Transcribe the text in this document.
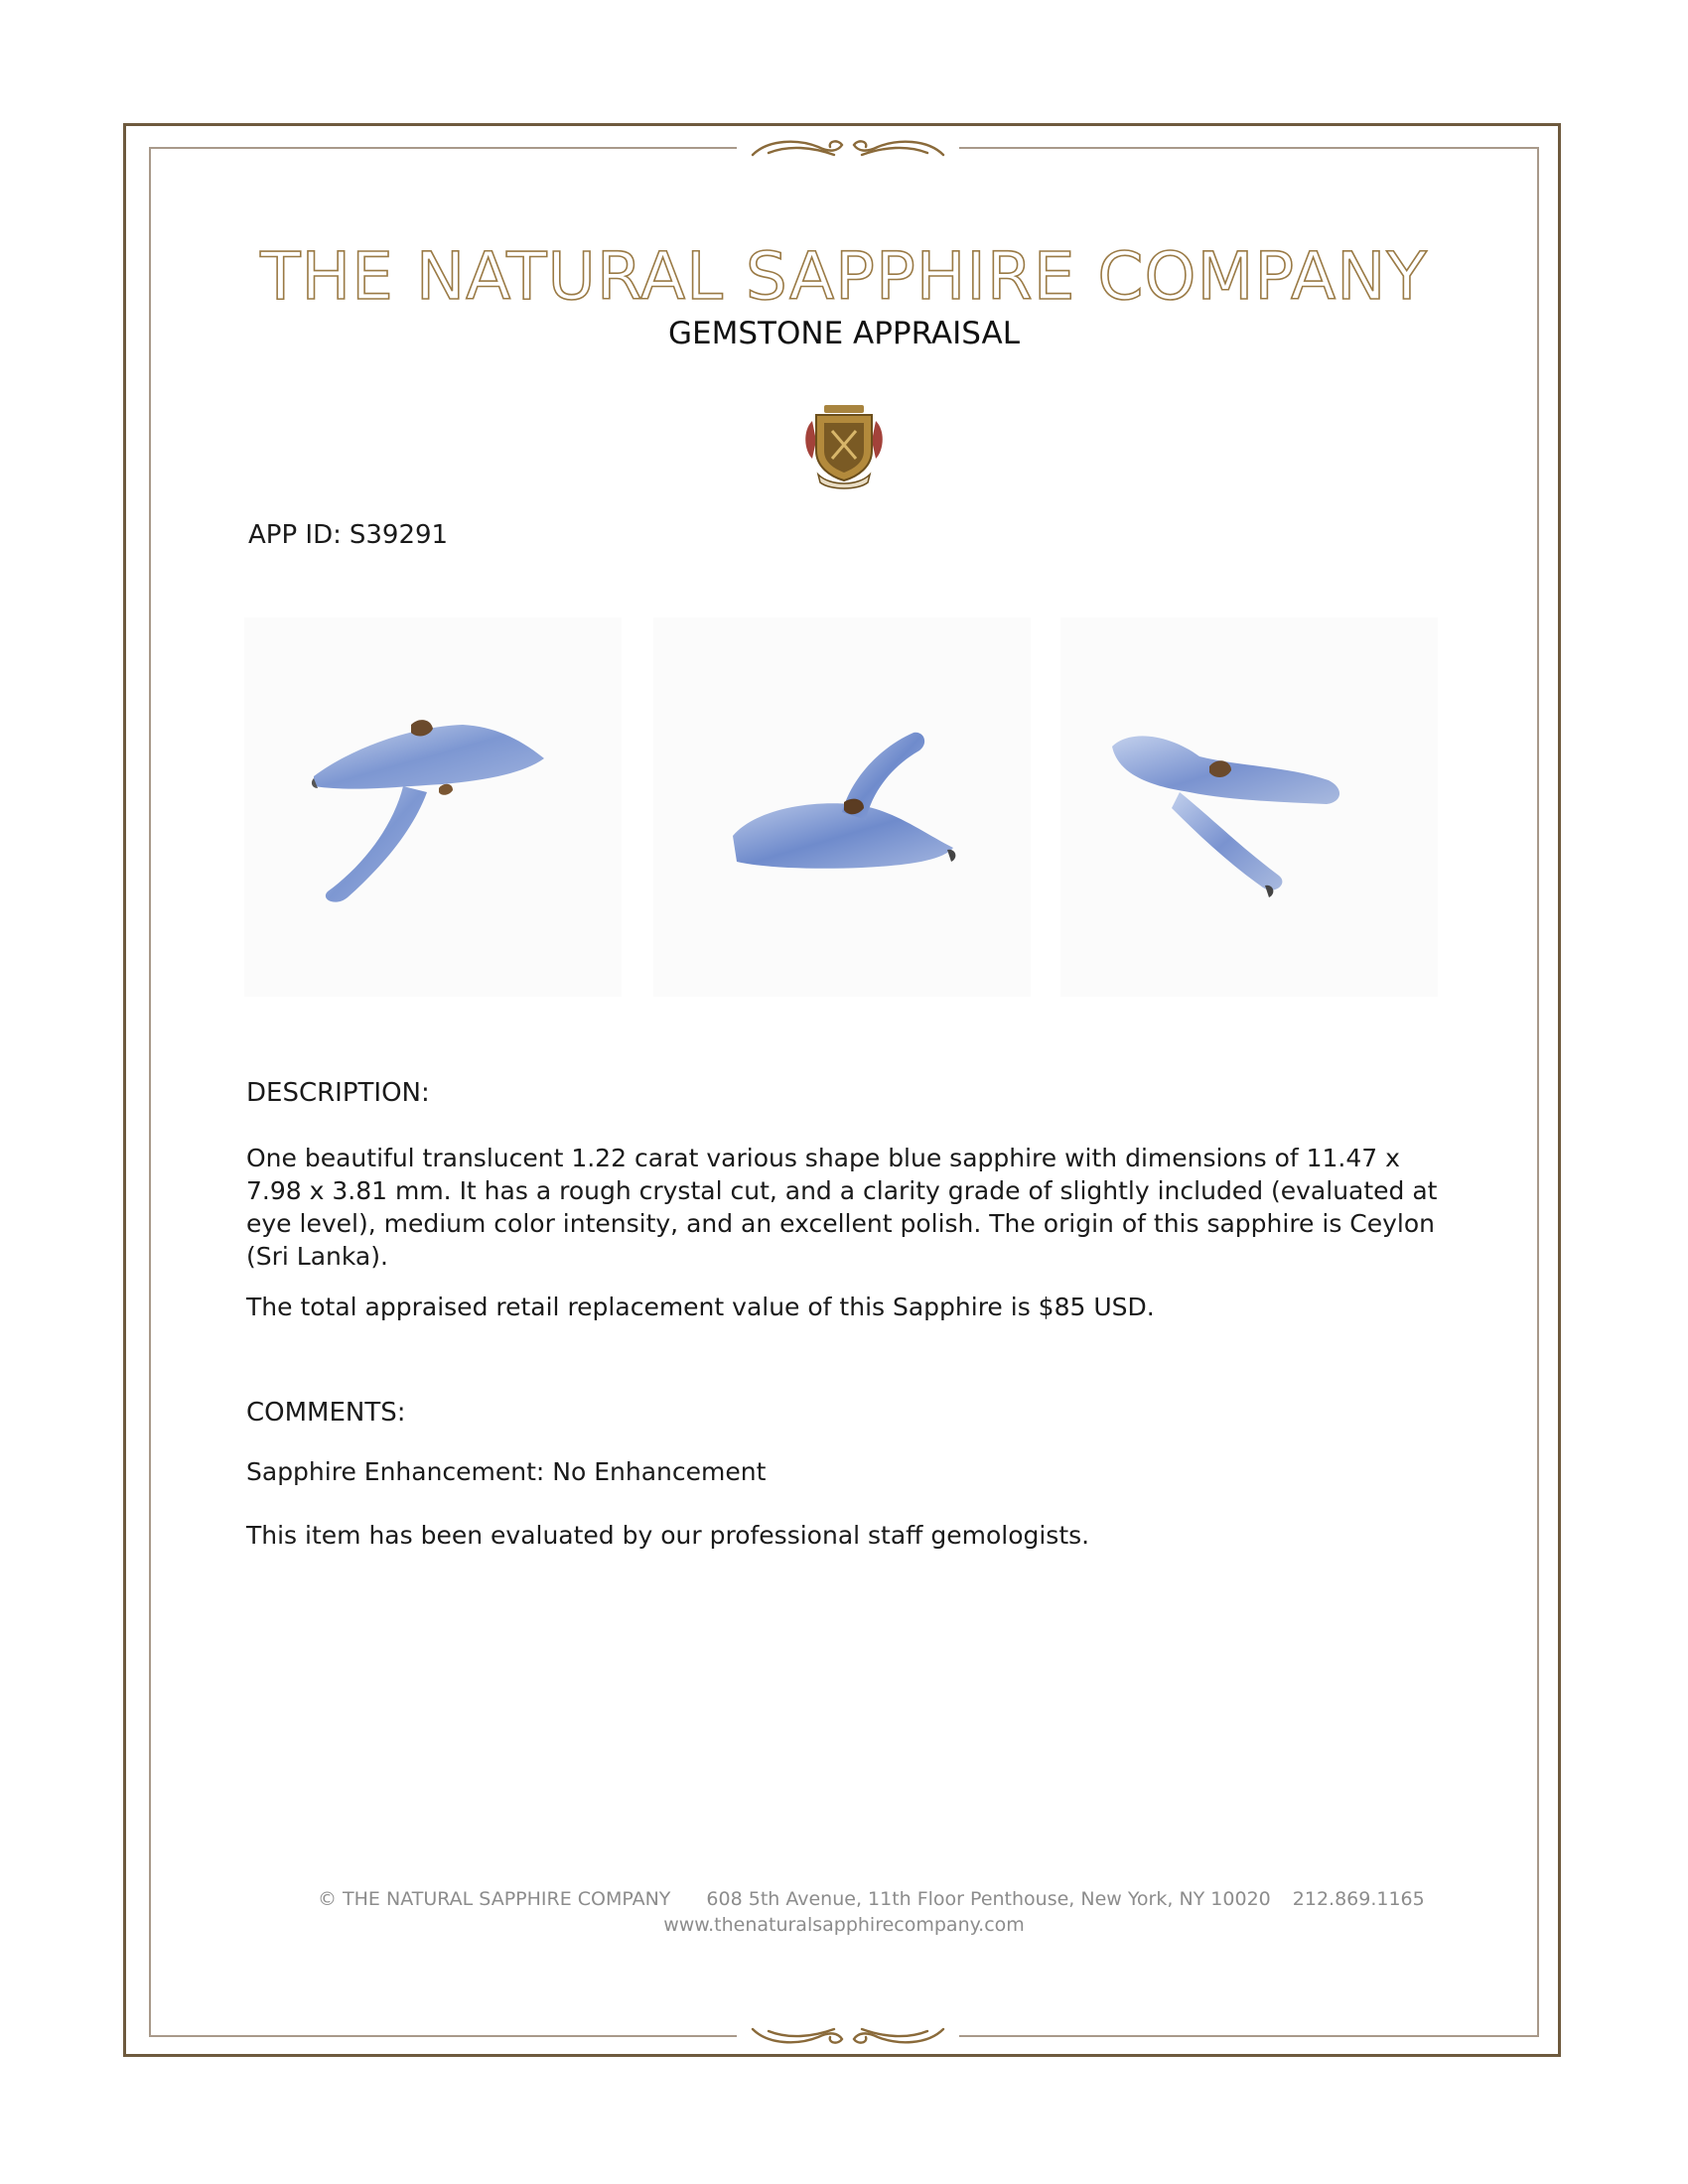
THE NATURAL SAPPHIRE COMPANY
GEMSTONE APPRAISAL
APP ID: S39291
DESCRIPTION:

One beautiful translucent 1.22 carat various shape blue sapphire with dimensions of 11.47 x 7.98 x 3.81 mm. It has a rough crystal cut, and a clarity grade of slightly included (evaluated at eye level), medium color intensity, and an excellent polish. The origin of this sapphire is Ceylon (Sri Lanka).

The total appraised retail replacement value of this Sapphire is $85 USD.

COMMENTS:

Sapphire Enhancement: No Enhancement

This item has been evaluated by our professional staff gemologists.

© THE NATURAL SAPPHIRE COMPANY 608 5th Avenue, 11th Floor Penthouse, New York, NY 10020 212.869.1165
www.thenaturalsapphirecompany.com
